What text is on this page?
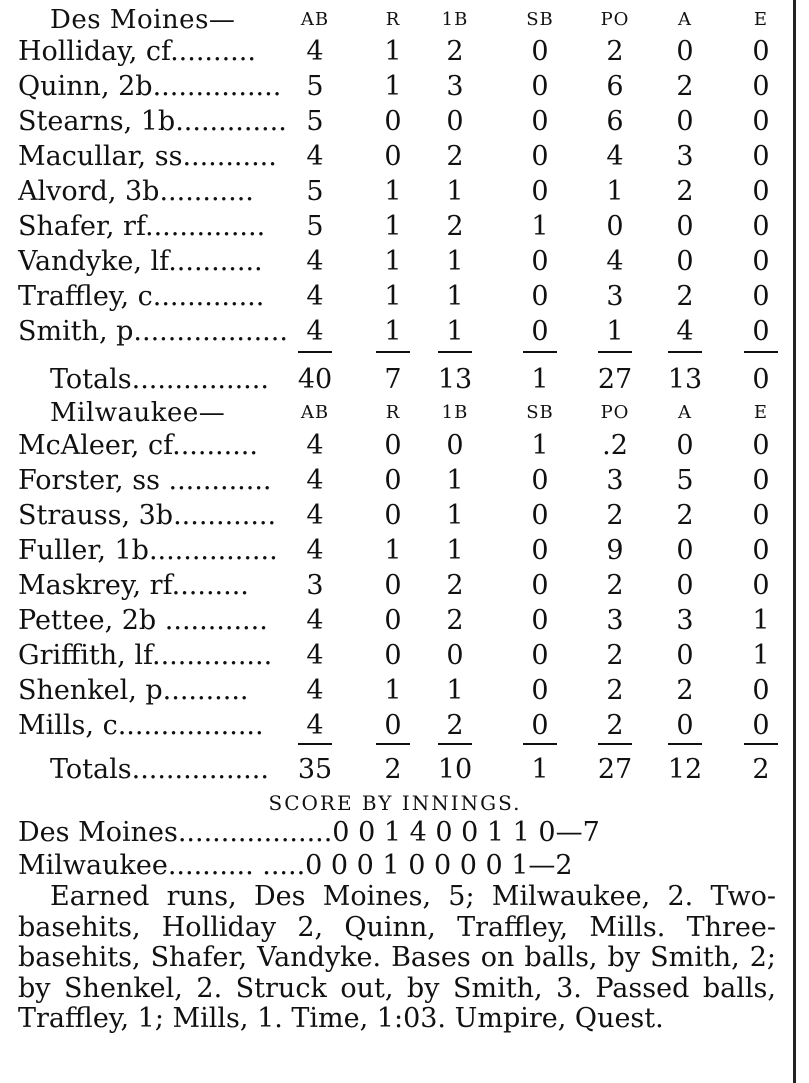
Des Moines—	AB	R	1B	SB	PO	A	E
Holliday, cf..........	4	1	2	0	2	0	0
Quinn, 2b............... 5	1	3	0	6	2	0
Stearns, 1b............. 5	0	0	0	6	0	0
Macullar, ss...........	4	0	2	0	4	3	0
Alvord, 3b...........	5	1	1	0	1	2	0
Shafer, rf..............	5	1	2	1	0	0	0
Vandyke, lf...........	4	1	1	0	4	0	0
Traffley, c.............	4	1	1	0	3	2	0
Smith, p.................. 4	1	1	0	1	4	0
Totals................ 40	7	13	1	27 13	0
Milwaukee—	AB	R	1B	SB	PO	A	E
McAleer, cf..........	4	0	0	1	.2	0	0
Forster, ss ............	4	0	1	0	3	5	0
Strauss, 3b............	4	0	1	0	2	2	0
Fuller, 1b...............	4	1	1	0	9	0	0
Maskrey, rf.........	3	0	2	0	2	0	0
Pettee, 2b ............	4	0	2	0	3	3	1
Griffith, lf..............	4	0	0	0	2	0	1
Shenkel, p..........	4	1	1	0	2	2	0
Mills, c.................	4	0	2	0	2	0	0
Totals................ 35	2	10	1	27 12	2
SCORE BY INNINGS.
Des Moines..................0 0 1 4 0 0 1 1 0—7
Milwaukee.......... .....0 0 0 1 0 0 0 0 1—2
Earned runs, Des Moines, 5; Milwaukee, 2. Two-basehits, Holliday 2, Quinn, Traffley, Mills. Three-basehits, Shafer, Vandyke. Bases on balls, by Smith, 2; by Shenkel, 2. Struck out, by Smith, 3. Passed balls, Traffley, 1; Mills, 1. Time, 1:03. Umpire, Quest.
